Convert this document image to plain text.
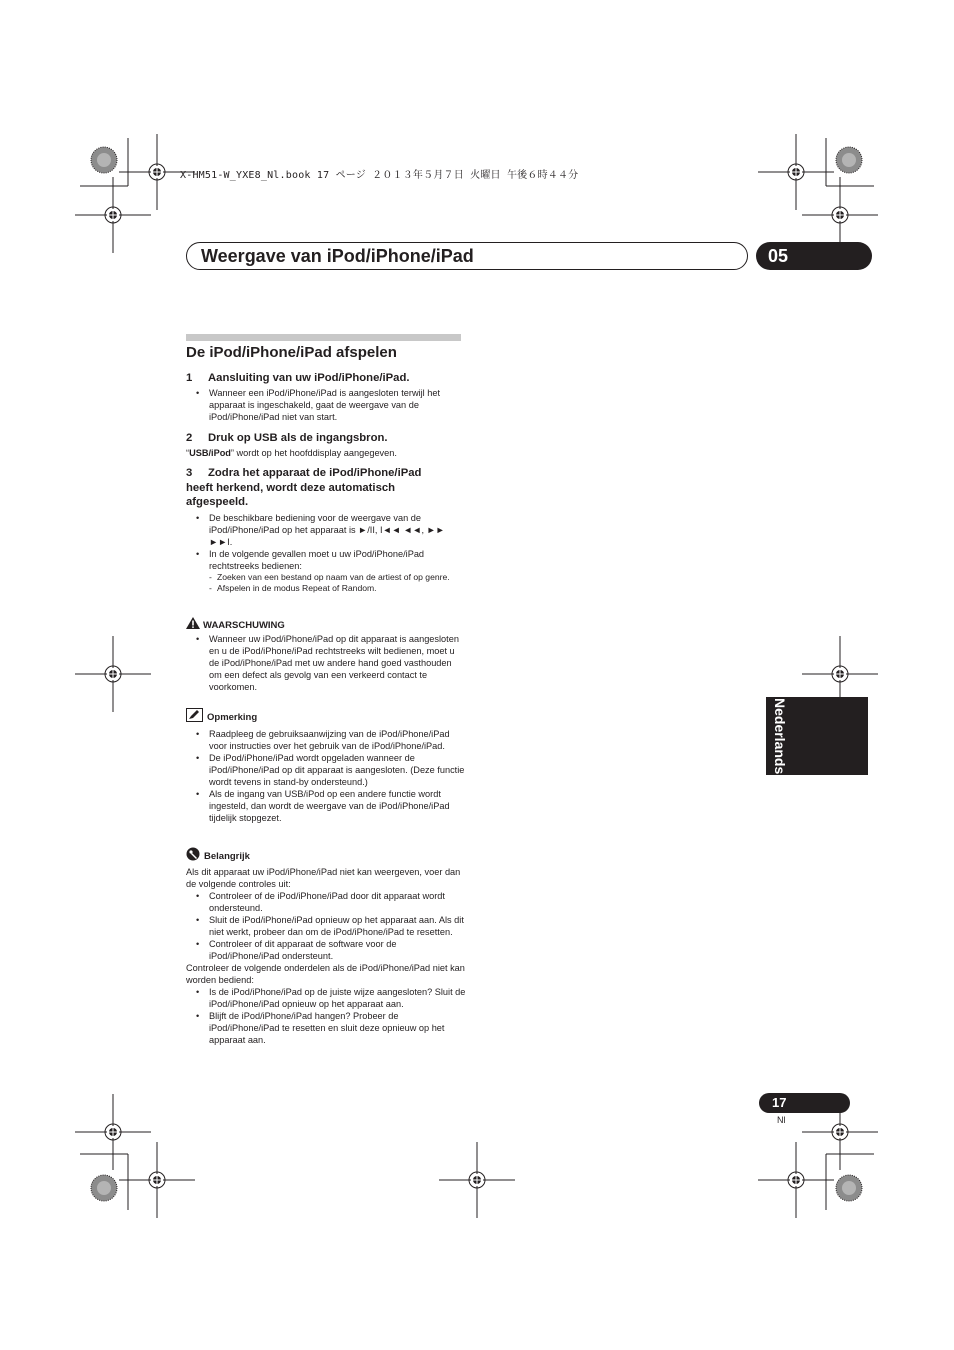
X-HM51-W_YXE8_Nl.book 17 ページ ２０１３年５月７日 火曜日 午後６時４４分
Weergave van iPod/iPhone/iPad	05
De iPod/iPhone/iPad afspelen
1 Aansluiting van uw iPod/iPhone/iPad.
• Wanneer een iPod/iPhone/iPad is aangesloten terwijl het apparaat is ingeschakeld, gaat de weergave van de iPod/iPhone/iPad niet van start.
2 Druk op USB als de ingangsbron.
“USB/iPod” wordt op het hoofddisplay aangegeven.
3 Zodra het apparaat de iPod/iPhone/iPad heeft herkend, wordt deze automatisch afgespeeld.
• De beschikbare bediening voor de weergave van de iPod/iPhone/iPad op het apparaat is ►/II, I◄◄ ◄◄, ►► ►►I.
• In de volgende gevallen moet u uw iPod/iPhone/iPad rechtstreeks bedienen:
- Zoeken van een bestand op naam van de artiest of op genre.
- Afspelen in de modus Repeat of Random.
WAARSCHUWING
• Wanneer uw iPod/iPhone/iPad op dit apparaat is aangesloten en u de iPod/iPhone/iPad rechtstreeks wilt bedienen, moet u de iPod/iPhone/iPad met uw andere hand goed vasthouden om een defect als gevolg van een verkeerd contact te voorkomen.
Opmerking
• Raadpleeg de gebruiksaanwijzing van de iPod/iPhone/iPad voor instructies over het gebruik van de iPod/iPhone/iPad.
• De iPod/iPhone/iPad wordt opgeladen wanneer de iPod/iPhone/iPad op dit apparaat is aangesloten. (Deze functie wordt tevens in stand-by ondersteund.)
• Als de ingang van USB/iPod op een andere functie wordt ingesteld, dan wordt de weergave van de iPod/iPhone/iPad tijdelijk stopgezet.
Belangrijk
Als dit apparaat uw iPod/iPhone/iPad niet kan weergeven, voer dan de volgende controles uit:
• Controleer of de iPod/iPhone/iPad door dit apparaat wordt ondersteund.
• Sluit de iPod/iPhone/iPad opnieuw op het apparaat aan. Als dit niet werkt, probeer dan om de iPod/iPhone/iPad te resetten.
• Controleer of dit apparaat de software voor de iPod/iPhone/iPad ondersteunt.
Controleer de volgende onderdelen als de iPod/iPhone/iPad niet kan worden bediend:
• Is de iPod/iPhone/iPad op de juiste wijze aangesloten? Sluit de iPod/iPhone/iPad opnieuw op het apparaat aan.
• Blijft de iPod/iPhone/iPad hangen? Probeer de iPod/iPhone/iPad te resetten en sluit deze opnieuw op het apparaat aan.
Nederlands
17
Nl
